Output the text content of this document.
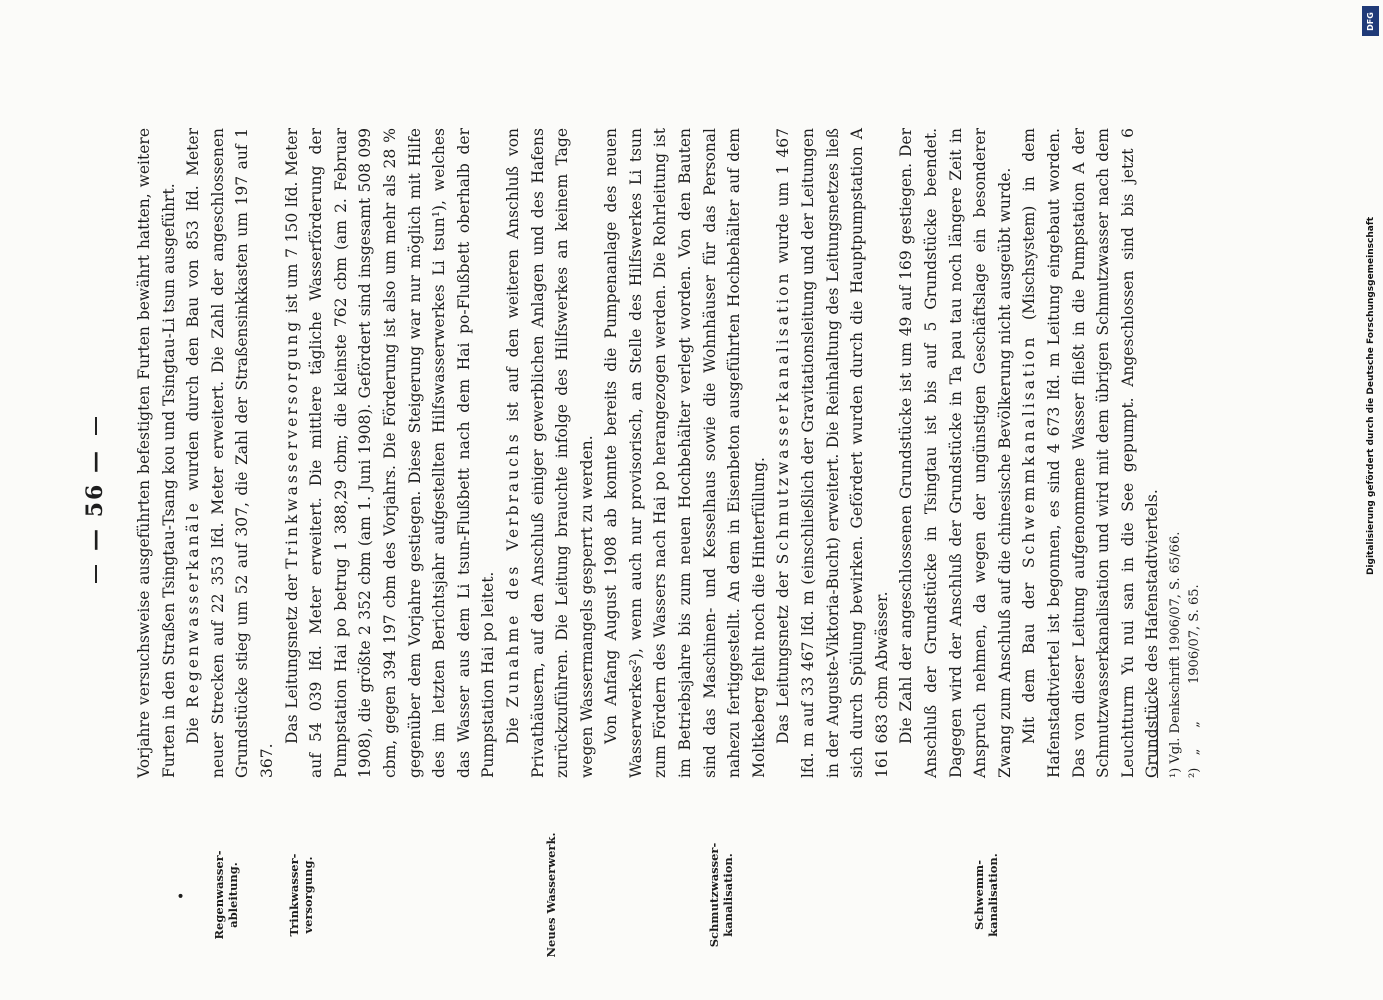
— 56 —
• Regenwasser-ableitung.	Trinkwasser-versorgung.	Neues Wasserwerk.	Schmutzwasser-kanalisation.	Schwemm-kanalisation.

Vorjahre versuchsweise ausgeführten befestigten Furten bewährt hatten, weitere Furten in den Straßen Tsingtau-Tsang kou und Tsingtau-Li tsun ausgeführt. Die Regenwasserkanäle wurden durch den Bau von 853 lfd. Meter neuer Strecken auf 22 353 lfd. Meter erweitert. Die Zahl der angeschlossenen Grundstücke stieg um 52 auf 307, die Zahl der Straßensinkkasten um 197 auf 1 367.

Das Leitungsnetz der Trinkwasserversorgung ist um 7 150 lfd. Meter auf 54 039 lfd. Meter erweitert. Die mittlere tägliche Wasserförderung der Pumpstation Hai po betrug 1 388,29 cbm; die kleinste 762 cbm (am 2. Februar 1908), die größte 2 352 cbm (am 1. Juni 1908). Gefördert sind insgesamt 508 099 cbm, gegen 394 197 cbm des Vorjahrs. Die Förderung ist also um mehr als 28 % gegenüber dem Vorjahre gestiegen. Diese Steigerung war nur möglich mit Hilfe des im letzten Berichtsjahr aufgestellten Hilfswasserwerkes Li tsun¹), welches das Wasser aus dem Li tsun-Flußbett nach dem Hai po-Flußbett oberhalb der Pumpstation Hai po leitet. Die Zunahme des Verbrauchs ist auf den weiteren Anschluß von Privathäusern, auf den Anschluß einiger gewerblichen Anlagen und des Hafens zurückzuführen. Die Leitung brauchte infolge des Hilfswerkes an keinem Tage wegen Wassermangels gesperrt zu werden. Von Anfang August 1908 ab konnte bereits die Pumpenanlage des neuen Wasserwerkes²), wenn auch nur provisorisch, an Stelle des Hilfswerkes Li tsun zum Fördern des Wassers nach Hai po herangezogen werden. Die Rohrleitung ist im Betriebsjahre bis zum neuen Hochbehälter verlegt worden. Von den Bauten sind das Maschinen- und Kesselhaus sowie die Wohnhäuser für das Personal nahezu fertiggestellt. An dem in Eisenbeton ausgeführten Hochbehälter auf dem Moltkeberg fehlt noch die Hinterfüllung. Das Leitungsnetz der Schmutzwasserkanalisation wurde um 1 467 lfd. m auf 33 467 lfd. m (einschließlich der Gravitationsleitung und der Leitungen in der Auguste-Viktoria-Bucht) erweitert. Die Reinhaltung des Leitungsnetzes ließ sich durch Spülung bewirken. Gefördert wurden durch die Hauptpumpstation A 161 683 cbm Abwässer. Die Zahl der angeschlossenen Grundstücke ist um 49 auf 169 gestiegen. Der Anschluß der Grundstücke in Tsingtau ist bis auf 5 Grundstücke beendet. Dagegen wird der Anschluß der Grundstücke in Ta pau tau noch längere Zeit in Anspruch nehmen, da wegen der ungünstigen Geschäftslage ein besonderer Zwang zum Anschluß auf die chinesische Bevölkerung nicht ausgeübt wurde. Mit dem Bau der Schwemmkanalisation (Mischsystem) in dem Hafenstadtviertel ist begonnen, es sind 4 673 lfd. m Leitung eingebaut worden. Das von dieser Leitung aufgenommene Wasser fließt in die Pumpstation A der Schmutzwasserkanalisation und wird mit dem übrigen Schmutzwasser nach dem Leuchtturm Yu nui san in die See gepumpt. Angeschlossen sind bis jetzt 6 Grundstücke des Hafenstadtviertels. ¹) Vgl. Denkschrift 1906/07, S. 65/66. ²)   „     „         1906/07, S. 65.
DFG
Digitalisierung gefördert durch die Deutsche Forschungsgemeinschaft
